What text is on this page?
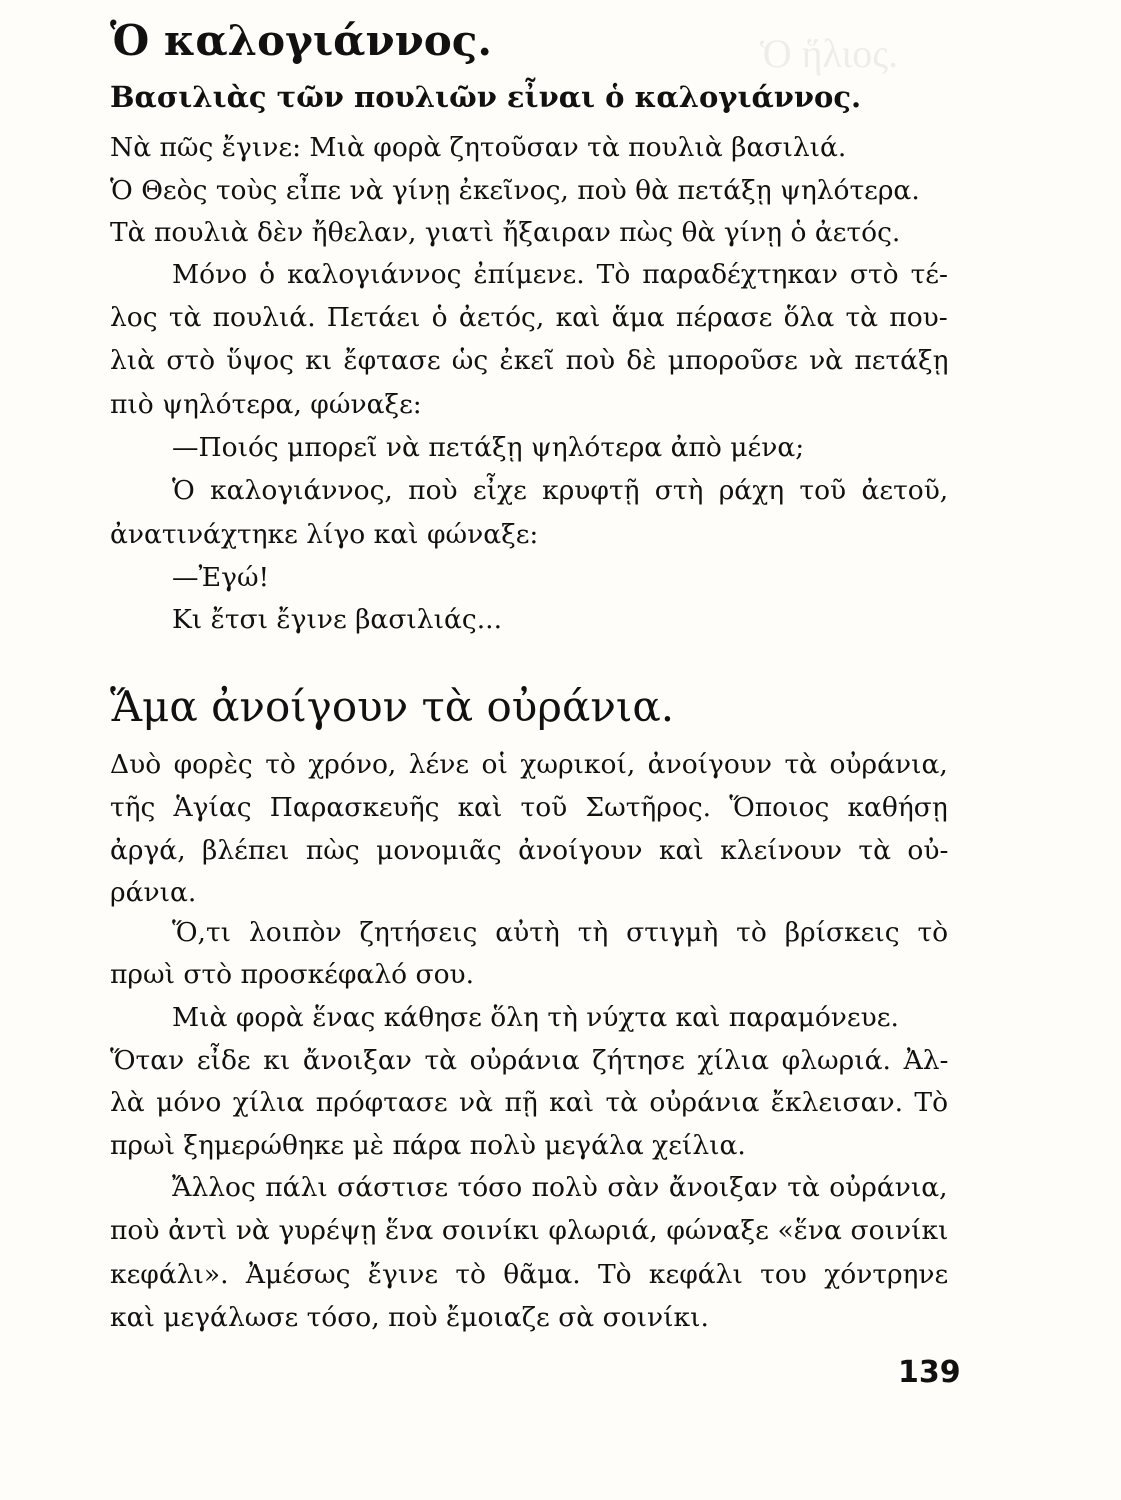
Ὁ ἥλιος.
Ὁ καλογιάννος.
Βασιλιὰς τῶν πουλιῶν εἶναι ὁ καλογιάννος.
Νὰ πῶς ἔγινε: Μιὰ φορὰ ζητοῦσαν τὰ πουλιὰ βασιλιά.
Ὁ Θεὸς τοὺς εἶπε νὰ γίνῃ ἐκεῖνος, ποὺ θὰ πετάξῃ ψηλότερα.
Τὰ πουλιὰ δὲν ἤθελαν, γιατὶ ἤξαιραν πὼς θὰ γίνῃ ὁ ἀετός.
Μόνο ὁ καλογιάννος ἐπίμενε. Τὸ παραδέχτηκαν στὸ τέ-
λος τὰ πουλιά. Πετάει ὁ ἀετός, καὶ ἅμα πέρασε ὅλα τὰ που-
λιὰ στὸ ὕψος κι ἔφτασε ὡς ἐκεῖ ποὺ δὲ μποροῦσε νὰ πετάξῃ
πιὸ ψηλότερα, φώναξε:
—Ποιός μπορεῖ νὰ πετάξῃ ψηλότερα ἀπὸ μένα;
Ὁ καλογιάννος, ποὺ εἶχε κρυφτῇ στὴ ράχη τοῦ ἀετοῦ,
ἀνατινάχτηκε λίγο καὶ φώναξε:
—Ἐγώ!
Κι ἔτσι ἔγινε βασιλιάς...
Ἅμα ἀνοίγουν τὰ οὐράνια.
Δυὸ φορὲς τὸ χρόνο, λένε οἱ χωρικοί, ἀνοίγουν τὰ οὐράνια,
τῆς Ἁγίας Παρασκευῆς καὶ τοῦ Σωτῆρος. Ὅποιος καθήσῃ
ἀργά, βλέπει πὼς μονομιᾶς ἀνοίγουν καὶ κλείνουν τὰ οὐ-
ράνια.
Ὅ,τι λοιπὸν ζητήσεις αὐτὴ τὴ στιγμὴ τὸ βρίσκεις τὸ
πρωὶ στὸ προσκέφαλό σου.
Μιὰ φορὰ ἕνας κάθησε ὅλη τὴ νύχτα καὶ παραμόνευε.
Ὅταν εἶδε κι ἄνοιξαν τὰ οὐράνια ζήτησε χίλια φλωριά. Ἀλ-
λὰ μόνο χίλια πρόφτασε νὰ πῇ καὶ τὰ οὐράνια ἔκλεισαν. Τὸ
πρωὶ ξημερώθηκε μὲ πάρα πολὺ μεγάλα χείλια.
Ἄλλος πάλι σάστισε τόσο πολὺ σὰν ἄνοιξαν τὰ οὐράνια,
ποὺ ἀντὶ νὰ γυρέψῃ ἕνα σοινίκι φλωριά, φώναξε «ἕνα σοινίκι
κεφάλι». Ἀμέσως ἔγινε τὸ θᾶμα. Τὸ κεφάλι του χόντρηνε
καὶ μεγάλωσε τόσο, ποὺ ἔμοιαζε σὰ σοινίκι.
139
